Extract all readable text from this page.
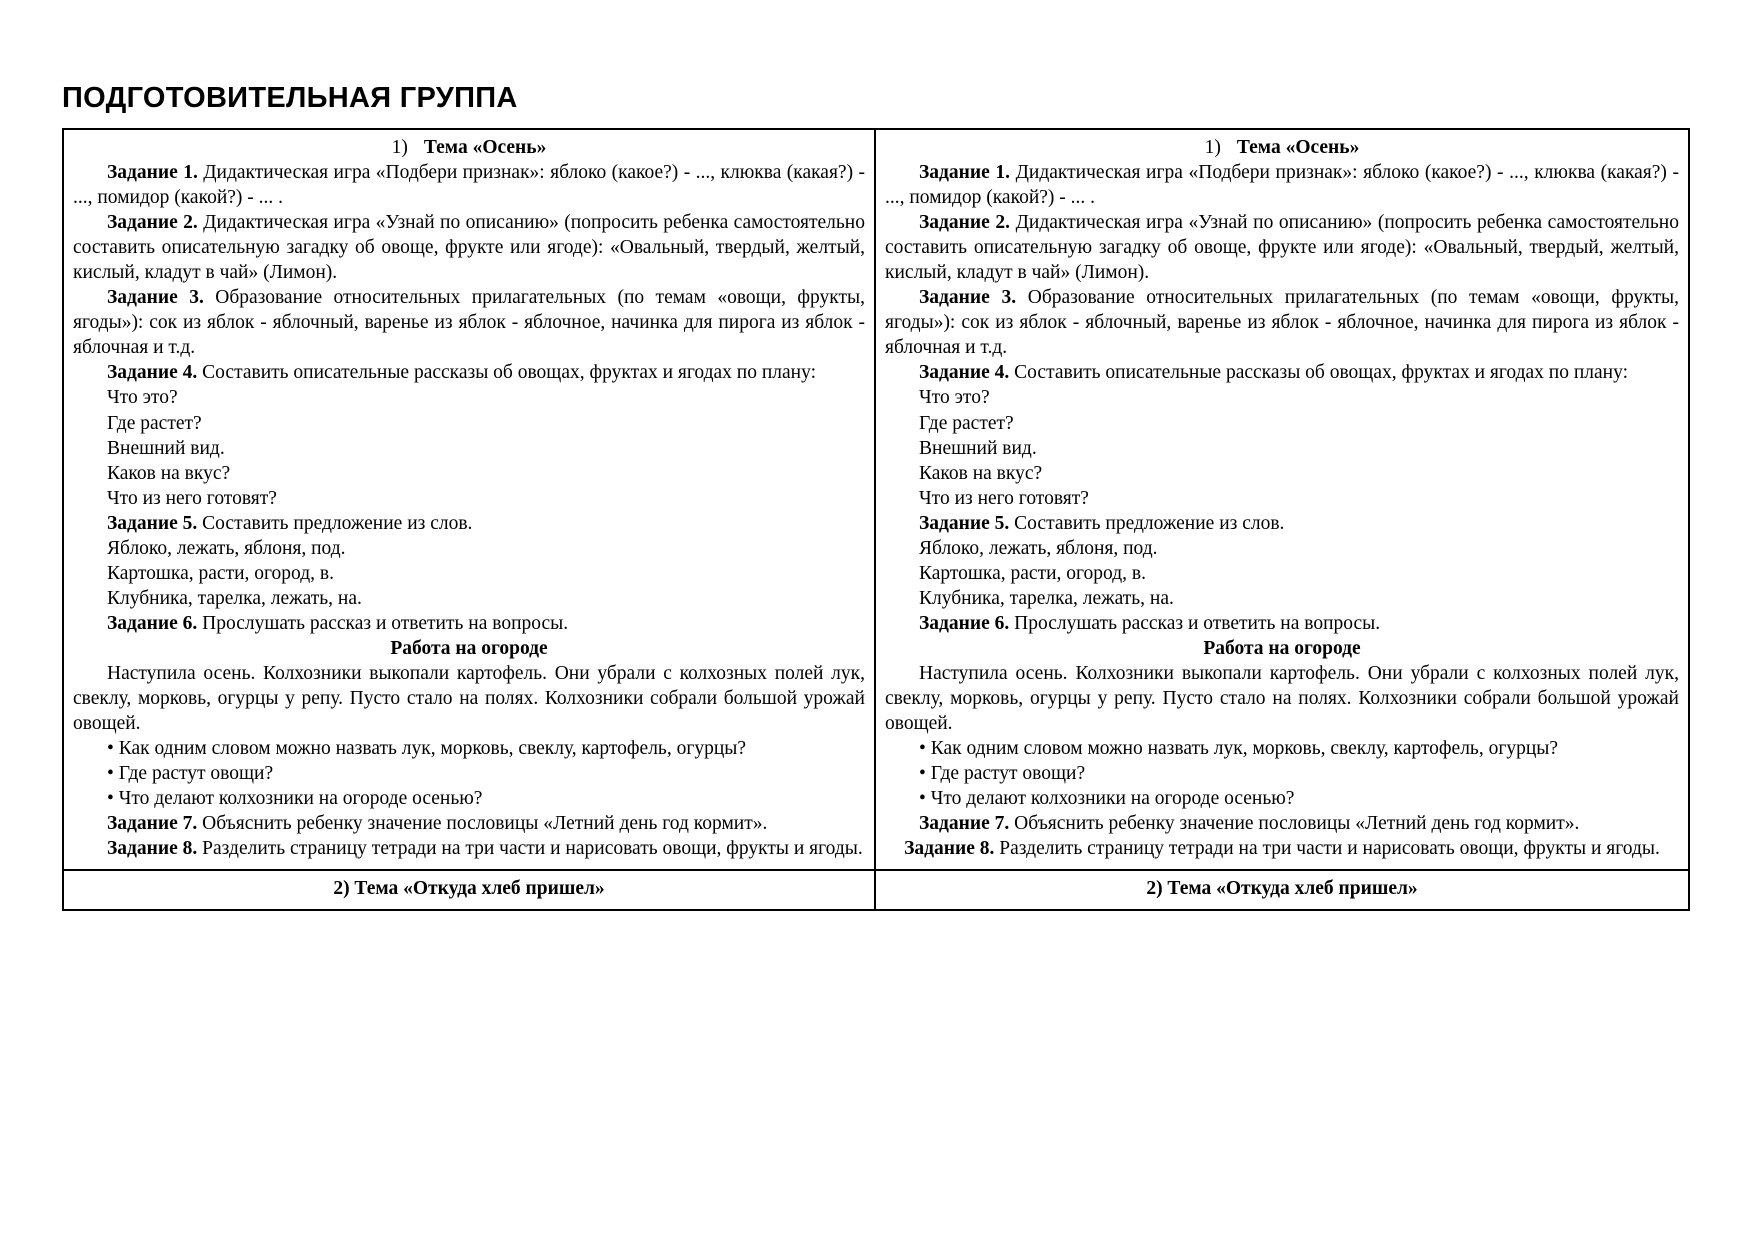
ПОДГОТОВИТЕЛЬНАЯ ГРУППА

1) Тема «Осень»

Задание 1. Дидактическая игра «Подбери признак»: яблоко (какое?) - ..., клюква (какая?) - ..., помидор (какой?) - ... .

Задание 2. Дидактическая игра «Узнай по описанию» (попросить ребенка самостоятельно составить описательную загадку об овоще, фрукте или ягоде): «Овальный, твердый, желтый, кислый, кладут в чай» (Лимон).

Задание 3. Образование относительных прилагательных (по темам «овощи, фрукты, ягоды»): сок из яблок - яблочный, варенье из яблок - яблочное, начинка для пирога из яблок - яблочная и т.д.

Задание 4. Составить описательные рассказы об овощах, фруктах и ягодах по плану:

Что это?

Где растет?

Внешний вид.

Каков на вкус?

Что из него готовят?

Задание 5. Составить предложение из слов.

Яблоко, лежать, яблоня, под.

Картошка, расти, огород, в.

Клубника, тарелка, лежать, на.

Задание 6. Прослушать рассказ и ответить на вопросы.

Работа на огороде

Наступила осень. Колхозники выкопали картофель. Они убрали с колхозных полей лук, свеклу, морковь, огурцы у репу. Пусто стало на полях. Колхозники собрали большой урожай овощей.

• Как одним словом можно назвать лук, морковь, свеклу, картофель, огурцы?

• Где растут овощи?

• Что делают колхозники на огороде осенью?

Задание 7. Объяснить ребенку значение пословицы «Летний день год кормит».

Задание 8. Разделить страницу тетради на три части и нарисовать овощи, фрукты и ягоды.

1) Тема «Осень»

Задание 1. Дидактическая игра «Подбери признак»: яблоко (какое?) - ..., клюква (какая?) - ..., помидор (какой?) - ... .

Задание 2. Дидактическая игра «Узнай по описанию» (попросить ребенка самостоятельно составить описательную загадку об овоще, фрукте или ягоде): «Овальный, твердый, желтый, кислый, кладут в чай» (Лимон).

Задание 3. Образование относительных прилагательных (по темам «овощи, фрукты, ягоды»): сок из яблок - яблочный, варенье из яблок - яблочное, начинка для пирога из яблок - яблочная и т.д.

Задание 4. Составить описательные рассказы об овощах, фруктах и ягодах по плану:

Что это?

Где растет?

Внешний вид.

Каков на вкус?

Что из него готовят?

Задание 5. Составить предложение из слов.

Яблоко, лежать, яблоня, под.

Картошка, расти, огород, в.

Клубника, тарелка, лежать, на.

Задание 6. Прослушать рассказ и ответить на вопросы.

Работа на огороде

Наступила осень. Колхозники выкопали картофель. Они убрали с колхозных полей лук, свеклу, морковь, огурцы у репу. Пусто стало на полях. Колхозники собрали большой урожай овощей.

• Как одним словом можно назвать лук, морковь, свеклу, картофель, огурцы?

• Где растут овощи?

• Что делают колхозники на огороде осенью?

Задание 7. Объяснить ребенку значение пословицы «Летний день год кормит».

Задание 8. Разделить страницу тетради на три части и нарисовать овощи, фрукты и ягоды.

2) Тема «Откуда хлеб пришел»	2) Тема «Откуда хлеб пришел»
